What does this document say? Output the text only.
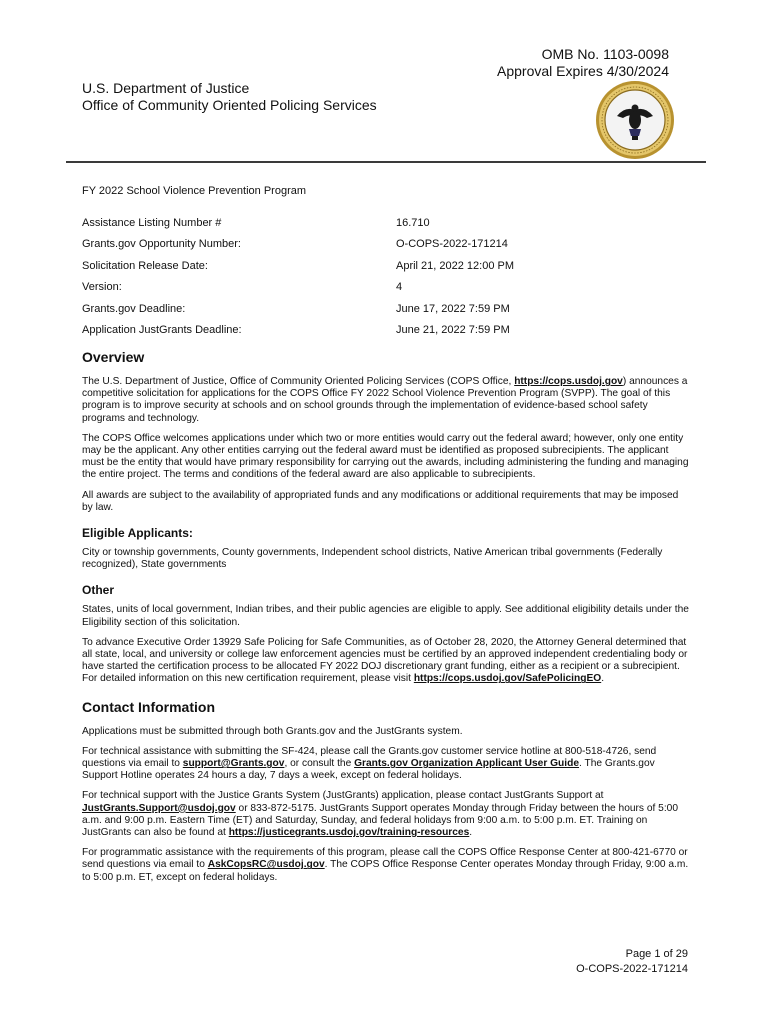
OMB No. 1103-0098
Approval Expires 4/30/2024
U.S. Department of Justice
Office of Community Oriented Policing Services
FY 2022 School Violence Prevention Program
Assistance Listing Number #	16.710
Grants.gov Opportunity Number:	O-COPS-2022-171214
Solicitation Release Date:	April 21, 2022 12:00 PM
Version:	4
Grants.gov Deadline:	June 17, 2022 7:59 PM
Application JustGrants Deadline:	June 21, 2022 7:59 PM
Overview

The U.S. Department of Justice, Office of Community Oriented Policing Services (COPS Office, https://cops.usdoj.gov) announces a competitive solicitation for applications for the COPS Office FY 2022 School Violence Prevention Program (SVPP). The goal of this program is to improve security at schools and on school grounds through the implementation of evidence-based school safety programs and technology.

The COPS Office welcomes applications under which two or more entities would carry out the federal award; however, only one entity may be the applicant. Any other entities carrying out the federal award must be identified as proposed subrecipients. The applicant must be the entity that would have primary responsibility for carrying out the awards, including administering the funding and managing the entire project. The terms and conditions of the federal award are also applicable to subrecipients.

All awards are subject to the availability of appropriated funds and any modifications or additional requirements that may be imposed by law.

Eligible Applicants:

City or township governments, County governments, Independent school districts, Native American tribal governments (Federally recognized), State governments

Other

States, units of local government, Indian tribes, and their public agencies are eligible to apply. See additional eligibility details under the Eligibility section of this solicitation.

To advance Executive Order 13929 Safe Policing for Safe Communities, as of October 28, 2020, the Attorney General determined that all state, local, and university or college law enforcement agencies must be certified by an approved independent credentialing body or have started the certification process to be allocated FY 2022 DOJ discretionary grant funding, either as a recipient or a subrecipient. For detailed information on this new certification requirement, please visit https://cops.usdoj.gov/SafePolicingEO.

Contact Information

Applications must be submitted through both Grants.gov and the JustGrants system.

For technical assistance with submitting the SF-424, please call the Grants.gov customer service hotline at 800-518-4726, send questions via email to support@Grants.gov, or consult the Grants.gov Organization Applicant User Guide. The Grants.gov Support Hotline operates 24 hours a day, 7 days a week, except on federal holidays.

For technical support with the Justice Grants System (JustGrants) application, please contact JustGrants Support at JustGrants.Support@usdoj.gov or 833-872-5175. JustGrants Support operates Monday through Friday between the hours of 5:00 a.m. and 9:00 p.m. Eastern Time (ET) and Saturday, Sunday, and federal holidays from 9:00 a.m. to 5:00 p.m. ET. Training on JustGrants can also be found at https://justicegrants.usdoj.gov/training-resources.

For programmatic assistance with the requirements of this program, please call the COPS Office Response Center at 800-421-6770 or send questions via email to AskCopsRC@usdoj.gov. The COPS Office Response Center operates Monday through Friday, 9:00 a.m. to 5:00 p.m. ET, except on federal holidays.

Page 1 of 29
O-COPS-2022-171214
